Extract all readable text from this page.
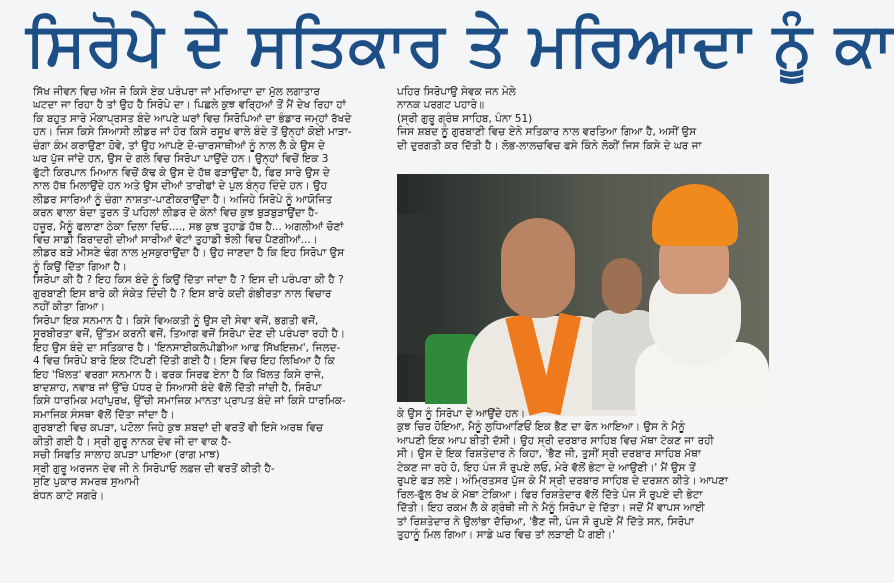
ਸਿਰੋਪੇ ਦੇ ਸਤਿਕਾਰ ਤੇ ਮਰਿਆਦਾ ਨੂੰ ਕਾ

ਸਿੱਖ ਜੀਵਨ ਵਿਚ ਅੱਜ ਜੋ ਕਿਸੇ ਏਕ ਪਰੰਪਰਾ ਜਾਂ ਮਰਿਆਦਾ ਦਾ ਮੁੱਲ ਲਗਾਤਾਰ

ਘਟਦਾ ਜਾ ਰਿਹਾ ਹੈ ਤਾਂ ਉਹ ਹੈ ਸਿਰੋਪੇ ਦਾ। ਪਿਛਲੇ ਕੁਝ ਵਰ੍ਹਿਆਂ ਤੋਂ ਮੈਂ ਦੇਖ ਰਿਹਾ ਹਾਂ

ਕਿ ਬਹੁਤ ਸਾਰੇ ਮੌਕਾਪ੍ਰਸਤ ਬੰਦੇ ਆਪਣੇ ਘਰਾਂ ਵਿਚ ਸਿਰੋਪਿਆਂ ਦਾ ਭੰਡਾਰ ਜਮ੍ਹਾਂ ਰੱਖਦੇ

ਹਨ। ਜਿਸ ਕਿਸੇ ਸਿਆਸੀ ਲੀਡਰ ਜਾਂ ਹੋਰ ਕਿਸੇ ਰਸੂਖ ਵਾਲੇ ਬੰਦੇ ਤੋਂ ਉਨ੍ਹਾਂ ਕੋਈ ਮਾੜਾ-

ਚੰਗਾ ਕੰਮ ਕਰਾਉਣਾ ਹੋਵੇ, ਤਾਂ ਉਹ ਆਪਣੇ ਦੋ-ਚਾਰਸਾਥੀਆਂ ਨੂੰ ਨਾਲ ਲੈ ਕੇ ਉਸ ਦੇ

ਘਰ ਪੁੱਜ ਜਾਂਦੇ ਹਨ, ਉਸ ਦੇ ਗਲੇ ਵਿਚ ਸਿਰੋਪਾ ਪਾਉਂਦੇ ਹਨ। ਉਨ੍ਹਾਂ ਵਿਚੋਂ ਇਕ 3

ਫੁੱਟੀ ਕਿਰਪਾਨ ਮਿਆਨ ਵਿਚੋਂ ਕੱਢ ਕੇ ਉਸ ਦੇ ਹੱਥ ਫੜਾਉਂਦਾ ਹੈ, ਫਿਰ ਸਾਰੇ ਉਸ ਦੇ

ਨਾਲ ਹੱਥ ਮਿਲਾਉਂਦੇ ਹਨ ਅਤੇ ਉਸ ਦੀਆਂ ਤਾਰੀਫਾਂ ਦੇ ਪੁਲ ਬੰਨ੍ਹ ਦਿੰਦੇ ਹਨ। ਉਹ

ਲੀਡਰ ਸਾਰਿਆਂ ਨੂੰ ਚੰਗਾ ਨਾਸ਼ਤਾ-ਪਾਣੀਕਰਾਉਂਦਾ ਹੈ। ਅਜਿਹੇ ਸਿਰੋਪੇ ਨੂੰ ਆਯੋਜਿਤ

ਕਰਨ ਵਾਲਾ ਬੰਦਾ ਤੁਰਨ ਤੋਂ ਪਹਿਲਾਂ ਲੀਡਰ ਦੇ ਕੰਨਾਂ ਵਿਚ ਕੁਝ ਬੁੜਬੁੜਾਉਂਦਾ ਹੈ-

ਹਜ਼ੂਰ, ਮੈਨੂੰ ਫਲਾਣਾ ਠੇਕਾ ਦਿਲਾ ਦਿਓ...., ਸਭ ਕੁਝ ਤੁਹਾਡੇ ਹੱਥ ਹੈ... ਅਗਲੀਆਂ ਚੋਣਾਂ

ਵਿਚ ਸਾਡੀ ਬਿਰਾਦਰੀ ਦੀਆਂ ਸਾਰੀਆਂ ਵੋਟਾਂ ਤੁਹਾਡੀ ਝੋਲੀ ਵਿਚ ਪੈਣਗੀਆਂ...।

ਲੀਡਰ ਬੜੇ ਮੀਸਣੇ ਢੰਗ ਨਾਲ ਮੁਸਕੁਰਾਉਂਦਾ ਹੈ। ਉਹ ਜਾਣਦਾ ਹੈ ਕਿ ਇਹ ਸਿਰੋਪਾ ਉਸ

ਨੂੰ ਕਿਉਂ ਦਿੱਤਾ ਗਿਆ ਹੈ।

ਸਿਰੋਪਾ ਕੀ ਹੈ ? ਇਹ ਕਿਸ ਬੰਦੇ ਨੂੰ ਕਿਉਂ ਦਿੱਤਾ ਜਾਂਦਾ ਹੈ ? ਇਸ ਦੀ ਪਰੰਪਰਾ ਕੀ ਹੈ ?

ਗੁਰਬਾਣੀ ਇਸ ਬਾਰੇ ਕੀ ਸੰਕੇਤ ਦਿੰਦੀ ਹੈ ? ਇਸ ਬਾਰੇ ਕਦੀ ਗੰਭੀਰਤਾ ਨਾਲ ਵਿਚਾਰ

ਨਹੀਂ ਕੀਤਾ ਗਿਆ।

ਸਿਰੋਪਾ ਇਕ ਸਨਮਾਨ ਹੈ। ਕਿਸੇ ਵਿਅਕਤੀ ਨੂੰ ਉਸ ਦੀ ਸੇਵਾ ਵਜੋਂ, ਭਗਤੀ ਵਜੋਂ,

ਸੂਰਬੀਰਤਾ ਵਜੋਂ, ਉੱਤਮ ਕਰਨੀ ਵਜੋਂ, ਤਿਆਗ ਵਜੋਂ ਸਿਰੋਪਾ ਦੇਣ ਦੀ ਪਰੰਪਰਾ ਰਹੀ ਹੈ।

ਇਹ ਉਸ ਬੰਦੇ ਦਾ ਸਤਿਕਾਰ ਹੈ। 'ਇਨਸਾਈਕਲੋਪੀਡੀਆ ਆਫ ਸਿੱਖਇਜ਼ਮ', ਜਿਲਦ-

4 ਵਿਚ ਸਿਰੋਪੇ ਬਾਰੇ ਇਕ ਟਿੱਪਣੀ ਦਿੱਤੀ ਗਈ ਹੈ। ਇਸ ਵਿਚ ਇਹ ਲਿਖਿਆ ਹੈ ਕਿ

ਇਹ 'ਖਿੱਲਤ' ਵਰਗਾ ਸਨਮਾਨ ਹੈ। ਫਰਕ ਸਿਰਫ ਏਨਾ ਹੈ ਕਿ ਖਿੱਲਤ ਕਿਸੇ ਰਾਜੇ,

ਬਾਦਸ਼ਾਹ, ਨਵਾਬ ਜਾਂ ਉੱਚੇ ਪੱਧਰ ਦੇ ਸਿਆਸੀ ਬੰਦੇ ਵੱਲੋਂ ਦਿੱਤੀ ਜਾਂਦੀ ਹੈ, ਸਿਰੋਪਾ

ਕਿਸੇ ਧਾਰਮਿਕ ਮਹਾਂਪੁਰਖ, ਉੱਚੀ ਸਮਾਜਿਕ ਮਾਨਤਾ ਪ੍ਰਾਪਤ ਬੰਦੇ ਜਾਂ ਕਿਸੇ ਧਾਰਮਿਕ-

ਸਮਾਜਿਕ ਸੰਸਥਾ ਵੱਲੋਂ ਦਿੱਤਾ ਜਾਂਦਾ ਹੈ।

ਗੁਰਬਾਣੀ ਵਿਚ ਕਪੜਾ, ਪਟੋਲਾ ਜਿਹੇ ਕੁਝ ਸ਼ਬਦਾਂ ਦੀ ਵਰਤੋਂ ਵੀ ਇਸੇ ਅਰਥ ਵਿਚ

ਕੀਤੀ ਗਈ ਹੈ। ਸ੍ਰੀ ਗੁਰੂ ਨਾਨਕ ਦੇਵ ਜੀ ਦਾ ਵਾਕ ਹੈ-

ਸਚੀ ਸਿਫਤਿ ਸਾਲਾਹ ਕਪੜਾ ਪਾਇਆ (ਰਾਗ ਮਾਝ)

ਸ੍ਰੀ ਗੁਰੂ ਅਰਜਨ ਦੇਵ ਜੀ ਨੇ ਸਿਰੋਪਾਓ ਲਫ਼ਜ਼ ਦੀ ਵਰਤੋਂ ਕੀਤੀ ਹੈ-

ਸੁਣਿ ਪੁਕਾਰ ਸਮਰਥ ਸੁਆਮੀ

ਬੰਧਨ ਕਾਟੇ ਸਗਰੇ।

ਪਹਿਰ ਸਿਰੋਪਾਉ ਸੇਵਕ ਜਨ ਮੇਲੇ

ਨਾਨਕ ਪਰਗਟ ਪਹਾਰੇ॥

(ਸ੍ਰੀ ਗੁਰੂ ਗ੍ਰੰਥ ਸਾਹਿਬ, ਪੰਨਾ 51)

ਜਿਸ ਸ਼ਬਦ ਨੂੰ ਗੁਰਬਾਣੀ ਵਿਚ ਏਨੇ ਸਤਿਕਾਰ ਨਾਲ ਵਰਤਿਆ ਗਿਆ ਹੈ, ਅਸੀਂ ਉਸ

ਦੀ ਦੁਰਗਤੀ ਕਰ ਦਿੱਤੀ ਹੈ। ਲੋਭ-ਲਾਲਚਵਿਚ ਫਸੇ ਕਿੰਨੇ ਲੋਕੀਂ ਜਿਸ ਕਿਸੇ ਦੇ ਘਰ ਜਾ

ਕੇ ਉਸ ਨੂੰ ਸਿਰੋਪਾ ਦੇ ਆਉਂਦੇ ਹਨ।

ਕੁਝ ਚਿਰ ਹੋਇਆ, ਮੈਨੂੰ ਲੁਧਿਆਣਿਓਂ ਇਕ ਭੈਣ ਦਾ ਫੋਨ ਆਇਆ। ਉਸ ਨੇ ਮੈਨੂੰ

ਆਪਣੀ ਇਕ ਆਪ ਬੀਤੀ ਦੱਸੀ। ਉਹ ਸ੍ਰੀ ਦਰਬਾਰ ਸਾਹਿਬ ਵਿਚ ਮੱਥਾ ਟੇਕਣ ਜਾ ਰਹੀ

ਸੀ। ਉਸ ਦੇ ਇਕ ਰਿਸ਼ਤੇਦਾਰ ਨੇ ਕਿਹਾ, 'ਭੈਣ ਜੀ, ਤੁਸੀਂ ਸ੍ਰੀ ਦਰਬਾਰ ਸਾਹਿਬ ਮੱਥਾ

ਟੇਕਣ ਜਾ ਰਹੇ ਹੋ, ਇਹ ਪੰਜ ਸੌ ਰੁਪਏ ਲਓ, ਮੇਰੇ ਵੱਲੋਂ ਭੇਟਾ ਦੇ ਆਉਣੀ।' ਮੈਂ ਉਸ ਤੋਂ

ਰੁਪਏ ਫੜ ਲਏ। ਅੰਮ੍ਰਿਤਸਰ ਪੁੱਜ ਕੇ ਮੈਂ ਸ੍ਰੀ ਦਰਬਾਰ ਸਾਹਿਬ ਦੇ ਦਰਸ਼ਨ ਕੀਤੇ। ਆਪਣਾ

ਰਿਲ-ਫੁੱਲ ਰੱਖ ਕੇ ਮੱਥਾ ਟੇਕਿਆ। ਫਿਰ ਰਿਸ਼ਤੇਦਾਰ ਵੱਲੋਂ ਦਿੱਤੇ ਪੰਜ ਸੌ ਰੁਪਏ ਦੀ ਭੇਟਾ

ਦਿੱਤੀ। ਇਹ ਰਕਮ ਲੈ ਕੇ ਗ੍ਰੰਥੀ ਜੀ ਨੇ ਮੈਨੂੰ ਸਿਰੋਪਾ ਦੇ ਦਿੱਤਾ। ਜਦੋਂ ਮੈਂ ਵਾਪਸ ਆਈ

ਤਾਂ ਰਿਸ਼ਤੇਦਾਰ ਨੇ ਉਲਾਂਭਾ ਦੱਚਿਆ, 'ਭੈਣ ਜੀ, ਪੰਜ ਸੌ ਰੁਪਏ ਮੈਂ ਦਿੱਤੇ ਸਨ, ਸਿਰੋਪਾ

ਤੁਹਾਨੂੰ ਮਿਲ ਗਿਆ। ਸਾਡੇ ਘਰ ਵਿਚ ਤਾਂ ਲੜਾਈ ਪੈ ਗਈ।'
